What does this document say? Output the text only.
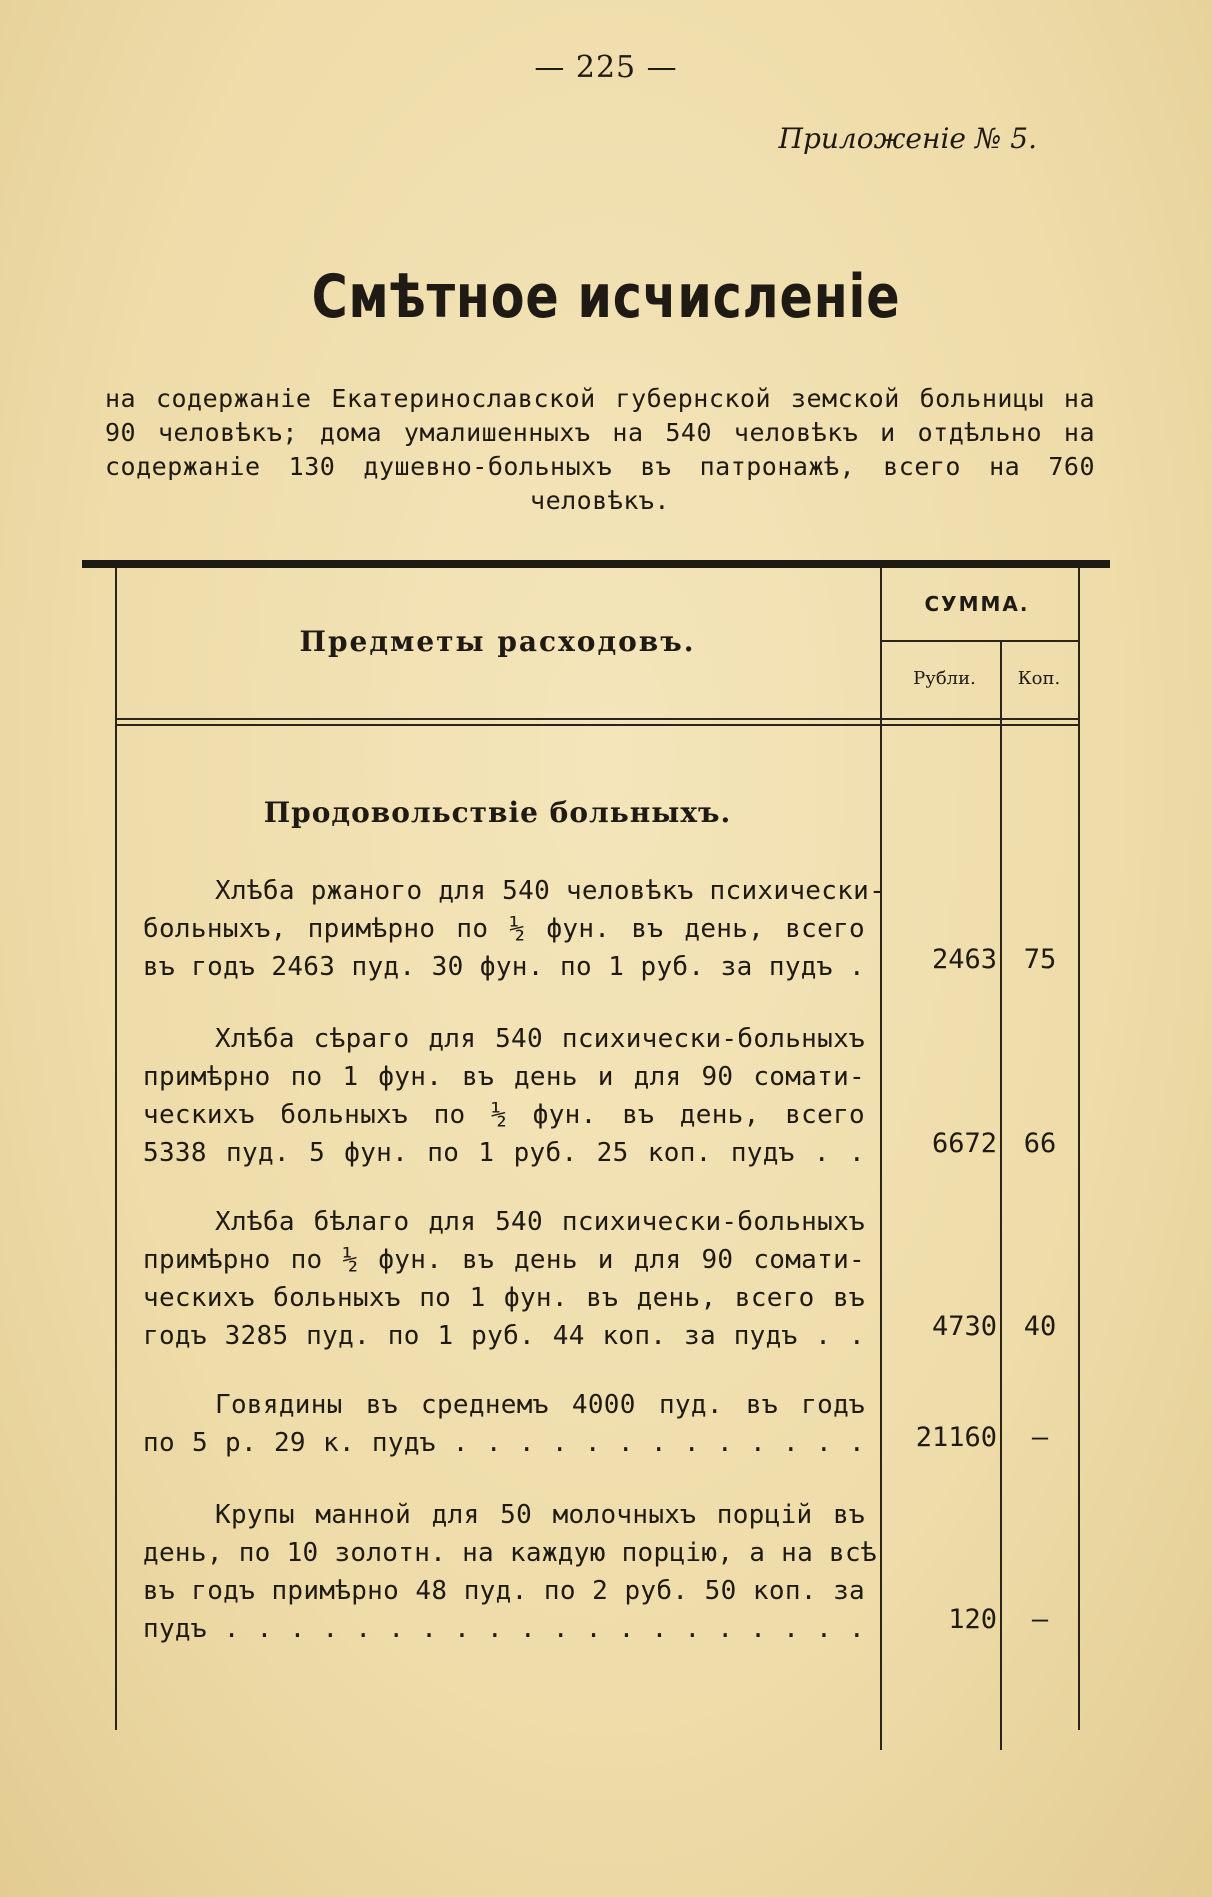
— 225 —
Приложеніе № 5.
Смѣтное исчисленіе
на содержаніе Екатеринославской губернской земской больницы на 90 человѣкъ; дома умалишенныхъ на 540 человѣкъ и отдѣльно на содержаніе 130 душевно-больныхъ въ патронажѣ, всего на 760 человѣкъ.
Предметы расходовъ.
СУММА.
Рубли.	Коп.
Продовольствіе больныхъ.
Хлѣба ржаного для 540 человѣкъ психически-
больныхъ, примѣрно по ½ фун. въ день, всего
въ годъ 2463 пуд. 30 фун. по 1 руб. за пудъ .	2463 75
Хлѣба сѣраго для 540 психически-больныхъ
примѣрно по 1 фун. въ день и для 90 сомати-
ческихъ больныхъ по ½ фун. въ день, всего
5338 пуд. 5 фун. по 1 руб. 25 коп. пудъ . .	6672 66
Хлѣба бѣлаго для 540 психически-больныхъ
примѣрно по ½ фун. въ день и для 90 сомати-
ческихъ больныхъ по 1 фун. въ день, всего въ
годъ 3285 пуд. по 1 руб. 44 коп. за пудъ . .	4730 40
Говядины въ среднемъ 4000 пуд. въ годъ
по 5 р. 29 к. пудъ . . . . . . . . . . . . .	21160	—
Крупы манной для 50 молочныхъ порцій въ
день, по 10 золотн. на каждую порцію, а на всѣ
въ годъ примѣрно 48 пуд. по 2 руб. 50 коп. за
пудъ . . . . . . . . . . . . . . . . . . . .	120	—
